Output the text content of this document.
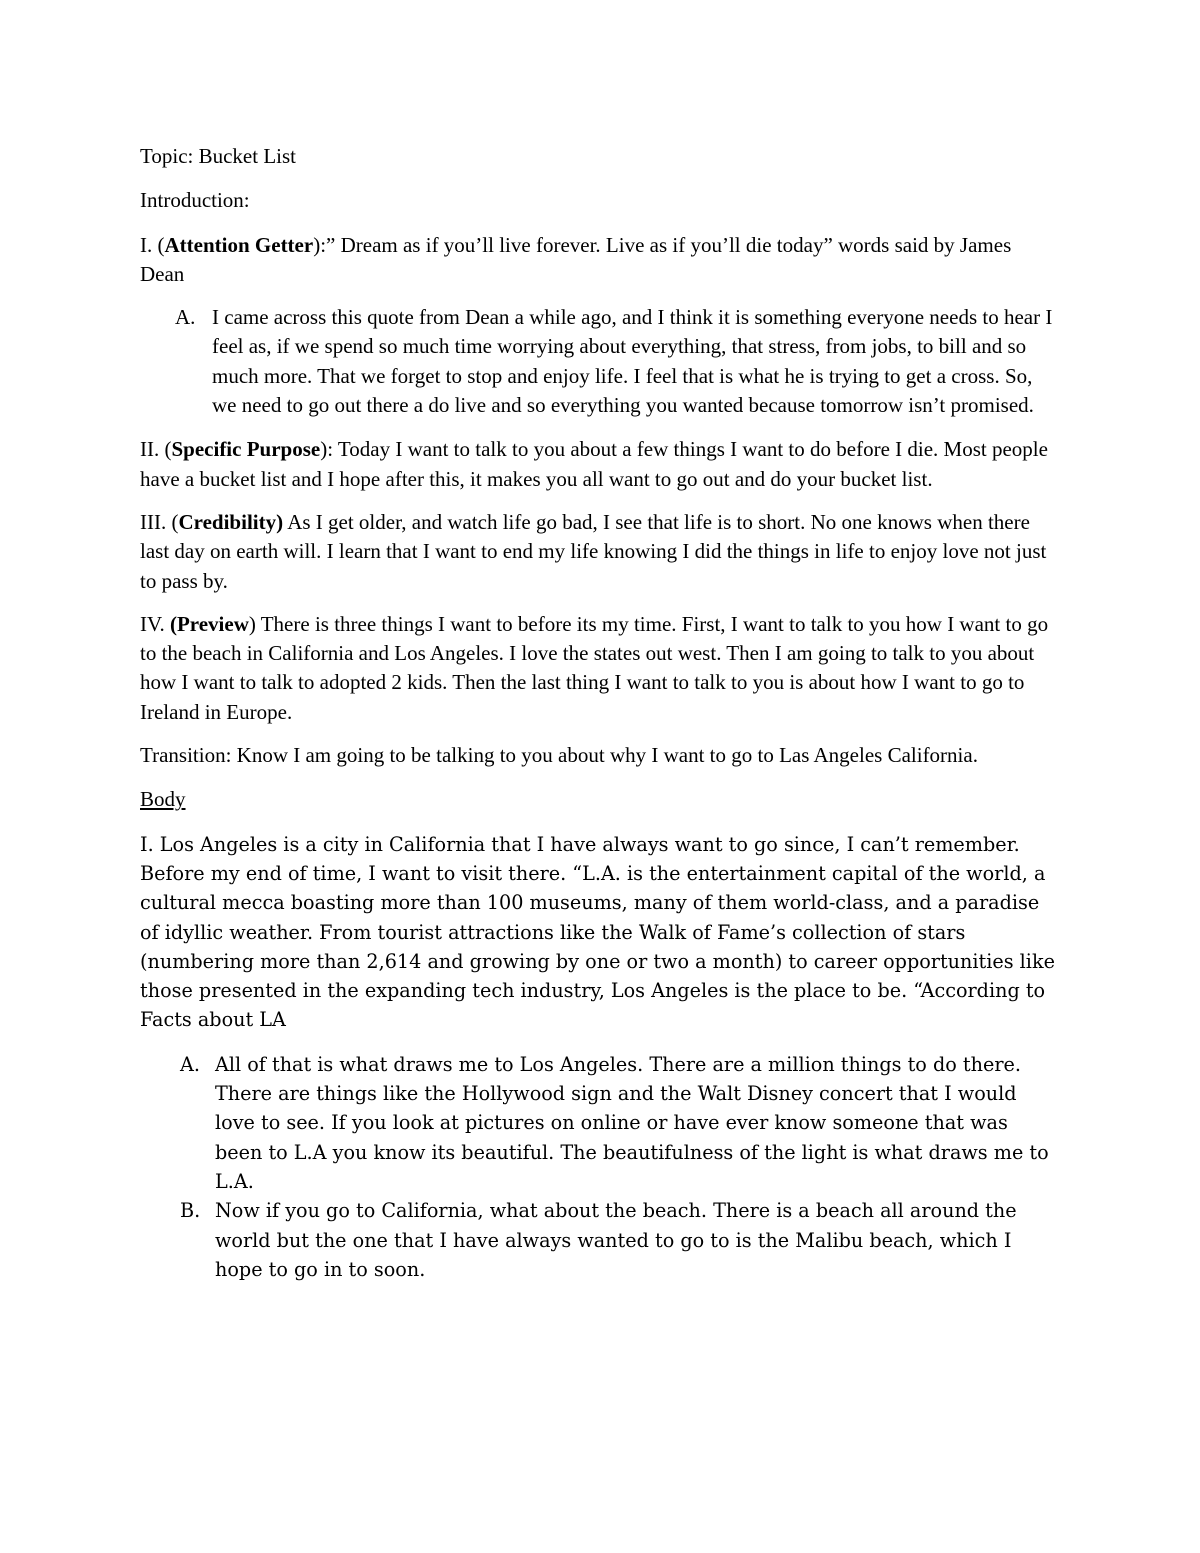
Topic: Bucket List

Introduction:

I. (Attention Getter):” Dream as if you’ll live forever. Live as if you’ll die today” words said by James Dean

A. I came across this quote from Dean a while ago, and I think it is something everyone needs to hear I feel as, if we spend so much time worrying about everything, that stress, from jobs, to bill and so much more. That we forget to stop and enjoy life. I feel that is what he is trying to get a cross. So, we need to go out there a do live and so everything you wanted because tomorrow isn’t promised.

II. (Specific Purpose): Today I want to talk to you about a few things I want to do before I die. Most people have a bucket list and I hope after this, it makes you all want to go out and do your bucket list.

III. (Credibility) As I get older, and watch life go bad, I see that life is to short. No one knows when there last day on earth will. I learn that I want to end my life knowing I did the things in life to enjoy love not just to pass by.

IV. (Preview) There is three things I want to before its my time. First, I want to talk to you how I want to go to the beach in California and Los Angeles. I love the states out west. Then I am going to talk to you about how I want to talk to adopted 2 kids. Then the last thing I want to talk to you is about how I want to go to Ireland in Europe.

Transition: Know I am going to be talking to you about why I want to go to Las Angeles California.

Body

I. Los Angeles is a city in California that I have always want to go since, I can’t remember. Before my end of time, I want to visit there. “L.A. is the entertainment capital of the world, a cultural mecca boasting more than 100 museums, many of them world-class, and a paradise of idyllic weather. From tourist attractions like the Walk of Fame’s collection of stars (numbering more than 2,614 and growing by one or two a month) to career opportunities like those presented in the expanding tech industry, Los Angeles is the place to be. “According to Facts about LA

A. All of that is what draws me to Los Angeles. There are a million things to do there. There are things like the Hollywood sign and the Walt Disney concert that I would love to see. If you look at pictures on online or have ever know someone that was been to L.A you know its beautiful. The beautifulness of the light is what draws me to L.A.
B. Now if you go to California, what about the beach. There is a beach all around the world but the one that I have always wanted to go to is the Malibu beach, which I hope to go in to soon.
